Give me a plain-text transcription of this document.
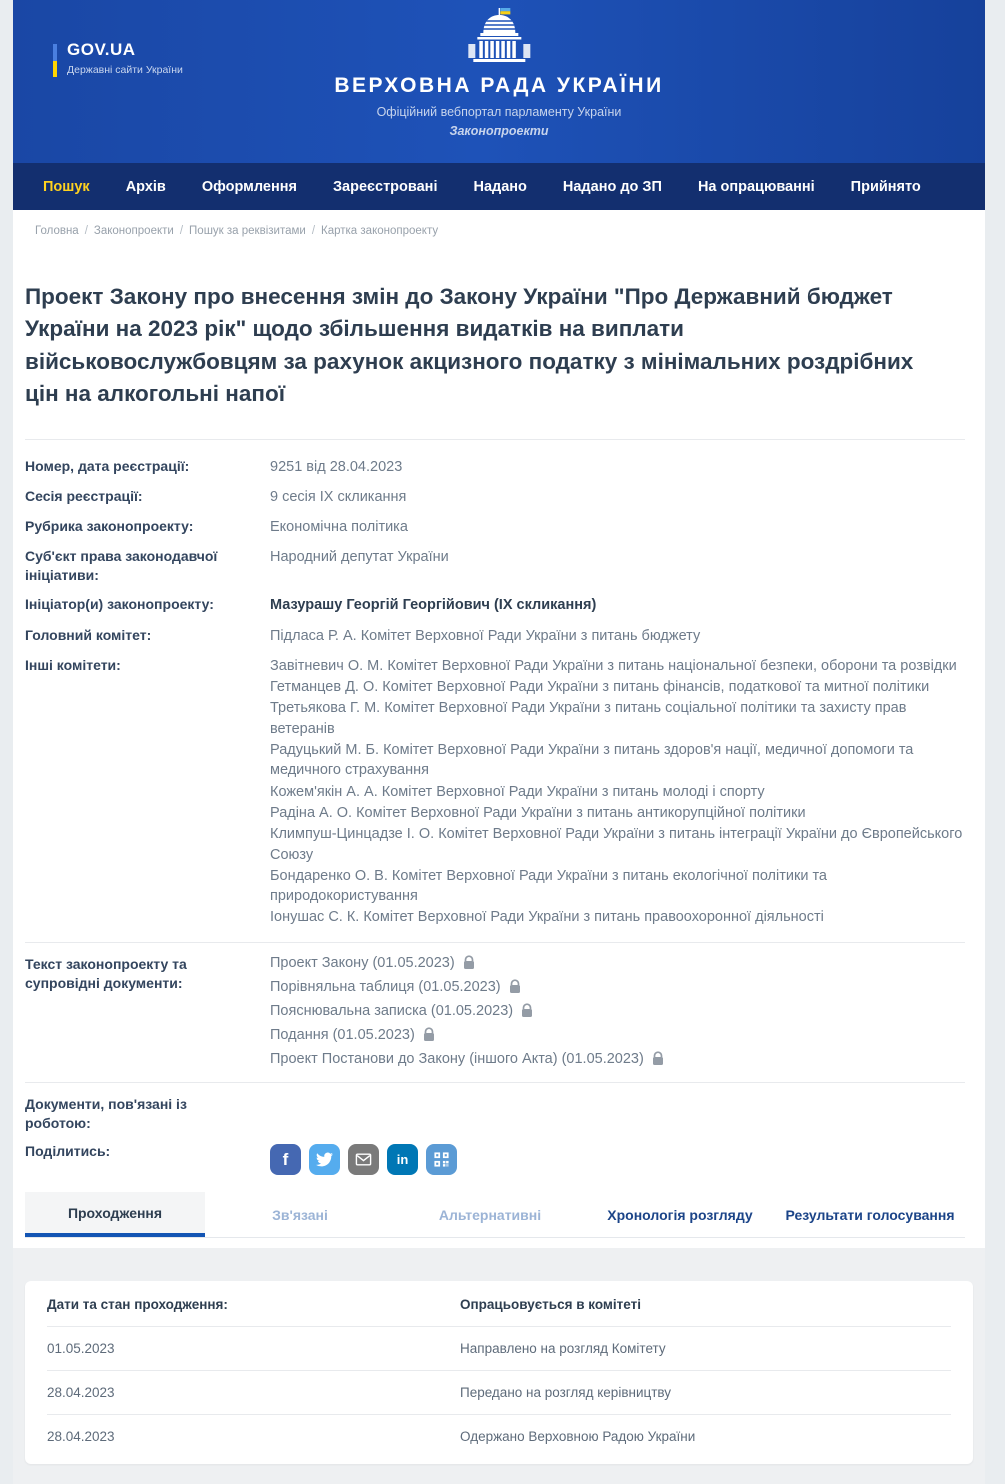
GOV.UA
Державні сайти України
ВЕРХОВНА РАДА УКРАЇНИ
Офіційний вебпортал парламенту України
Законопроекти
Пошук Архів Оформлення Зареєстровані Надано Надано до ЗП На опрацюванні Прийнято
Головна /	Законопроекти /	Пошук за реквізитами /	Картка законопроекту
Проект Закону про внесення змін до Закону України "Про Державний бюджет України на 2023 рік" щодо збільшення видатків на виплати військовослужбовцям за рахунок акцизного податку з мінімальних роздрібних цін на алкогольні напої
Номер, дата реєстрації:	9251 від 28.04.2023
Сесія реєстрації:	9 сесія IX скликання
Рубрика законопроекту:	Економічна політика
Суб'єкт права законодавчої ініціативи:
Народний депутат України
Ініціатор(и) законопроекту:	Мазурашу Георгій Георгійович (IX скликання)
Головний комітет:	Підласа Р. А. Комітет Верховної Ради України з питань бюджету
Інші комітети:	Завітневич О. М. Комітет Верховної Ради України з питань національної безпеки, оборони та розвідки
Гетманцев Д. О. Комітет Верховної Ради України з питань фінансів, податкової та митної політики
Третьякова Г. М. Комітет Верховної Ради України з питань соціальної політики та захисту прав ветеранів
Радуцький М. Б. Комітет Верховної Ради України з питань здоров'я нації, медичної допомоги та медичного страхування
Кожем'якін А. А. Комітет Верховної Ради України з питань молоді і спорту
Радіна А. О. Комітет Верховної Ради України з питань антикорупційної політики
Климпуш-Цинцадзе І. О. Комітет Верховної Ради України з питань інтеграції України до Європейського Союзу
Бондаренко О. В. Комітет Верховної Ради України з питань екологічної політики та природокористування
Іонушас С. К. Комітет Верховної Ради України з питань правоохоронної діяльності
Текст законопроекту та супровідні документи:
Проект Закону (01.05.2023)
Порівняльна таблиця (01.05.2023)
Пояснювальна записка (01.05.2023)
Подання (01.05.2023)
Проект Постанови до Закону (іншого Акта) (01.05.2023)
Документи, пов'язані із роботою:
Поділитись:	f	in
Проходження	Зв'язані	Альтернативні	Хронологія розгляду	Результати голосування
Дати та стан проходження:	Опрацьовується в комітеті
01.05.2023	Направлено на розгляд Комітету
28.04.2023	Передано на розгляд керівництву
28.04.2023	Одержано Верховною Радою України
